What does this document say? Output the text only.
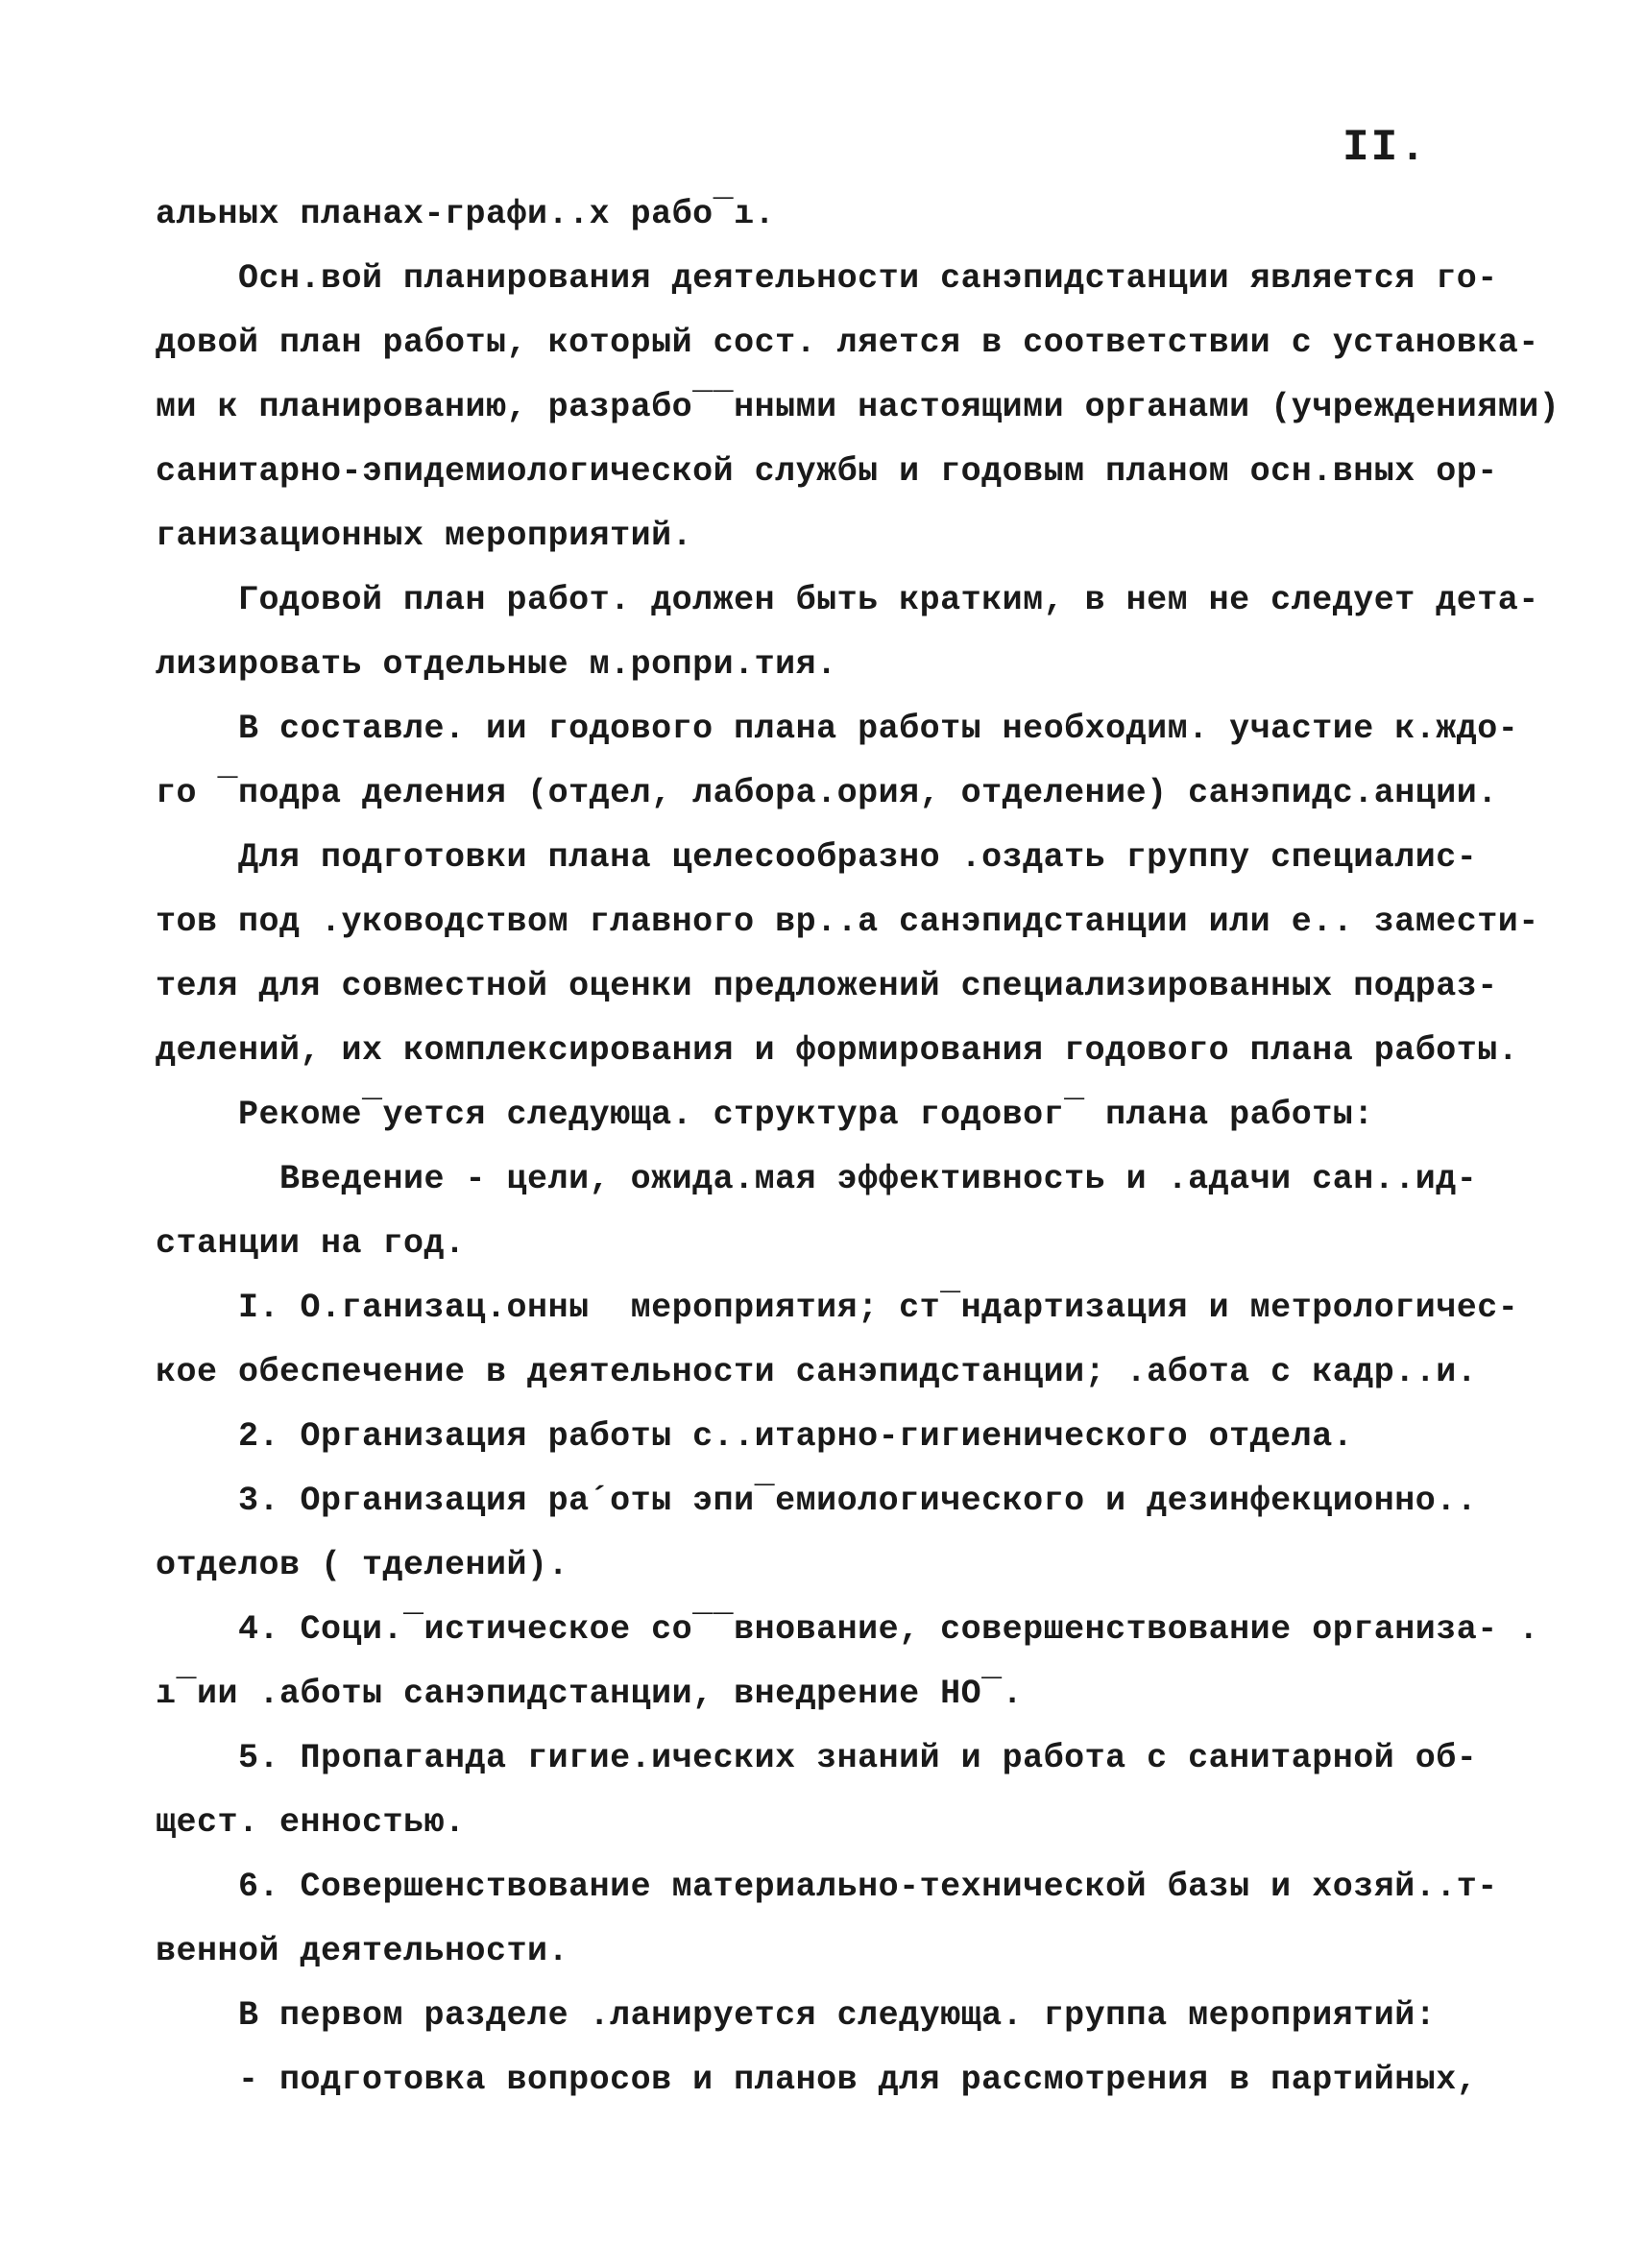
II.
альных планах-графи..х рабо‾ı.
Осн.вой планировани​я деятельности санэпидстанции является го-
довой план работы, который сост. ляется в соответствии с установка-
ми к планированию, разрабо‾‾нными настоящими органами (учреждениями)
санитарно-эпидемиологической службы и годовым планом осн.вных ор-
ганизационных мероприятий.
Годовой план работ. должен быть кратким, в нем не следует дета-
лизировать отдельные м.ропри.тия.
В составле. ии годового плана работы необходим. участие к.ждо-
го ‾подра деления (отдел, лабора.ория, отделение) санэпидс.анции.
Для подготовки плана целесообразно .оздать группу специалис-
тов под .уководством главного вр..а санэпидстанции или е.. замести-
теля для совместной оценки предложений специализированных подраз-
делений, их комплексирования и формирования годового плана работы.
Рекоме‾уется следующа. структура годовог‾ плана работы:
Введение - цели, ожида.мая эффективность и .адачи сан..ид-
станции на год.
I. О.ганизац.онны  мероприятия; ст‾ндартизация и метрологичес-
кое обеспечение в деятельности санэпидстанции; .абота с кадр..и.
2. Организация работы с..итарно-гигиенического отдела.
3. Организация ра´оты эпи‾емиологического и дезинфекционно..
отделов ( тделений).
4. Соци.‾истическое со‾‾внование, совершенствование организа- .
ı‾ии .аботы санэпидстанции, внедрение НО‾.
5. Пропаганда гигие.ических знаний и работа с санитарной об-
щест. енностью.
6. Совершенствование материально-технической базы и хозяй..т-
венной деятельности.
В первом разделе .ланируется следующа. группа мероприятий:
- подготовка вопросов и планов для рассмотрения в партийных,
